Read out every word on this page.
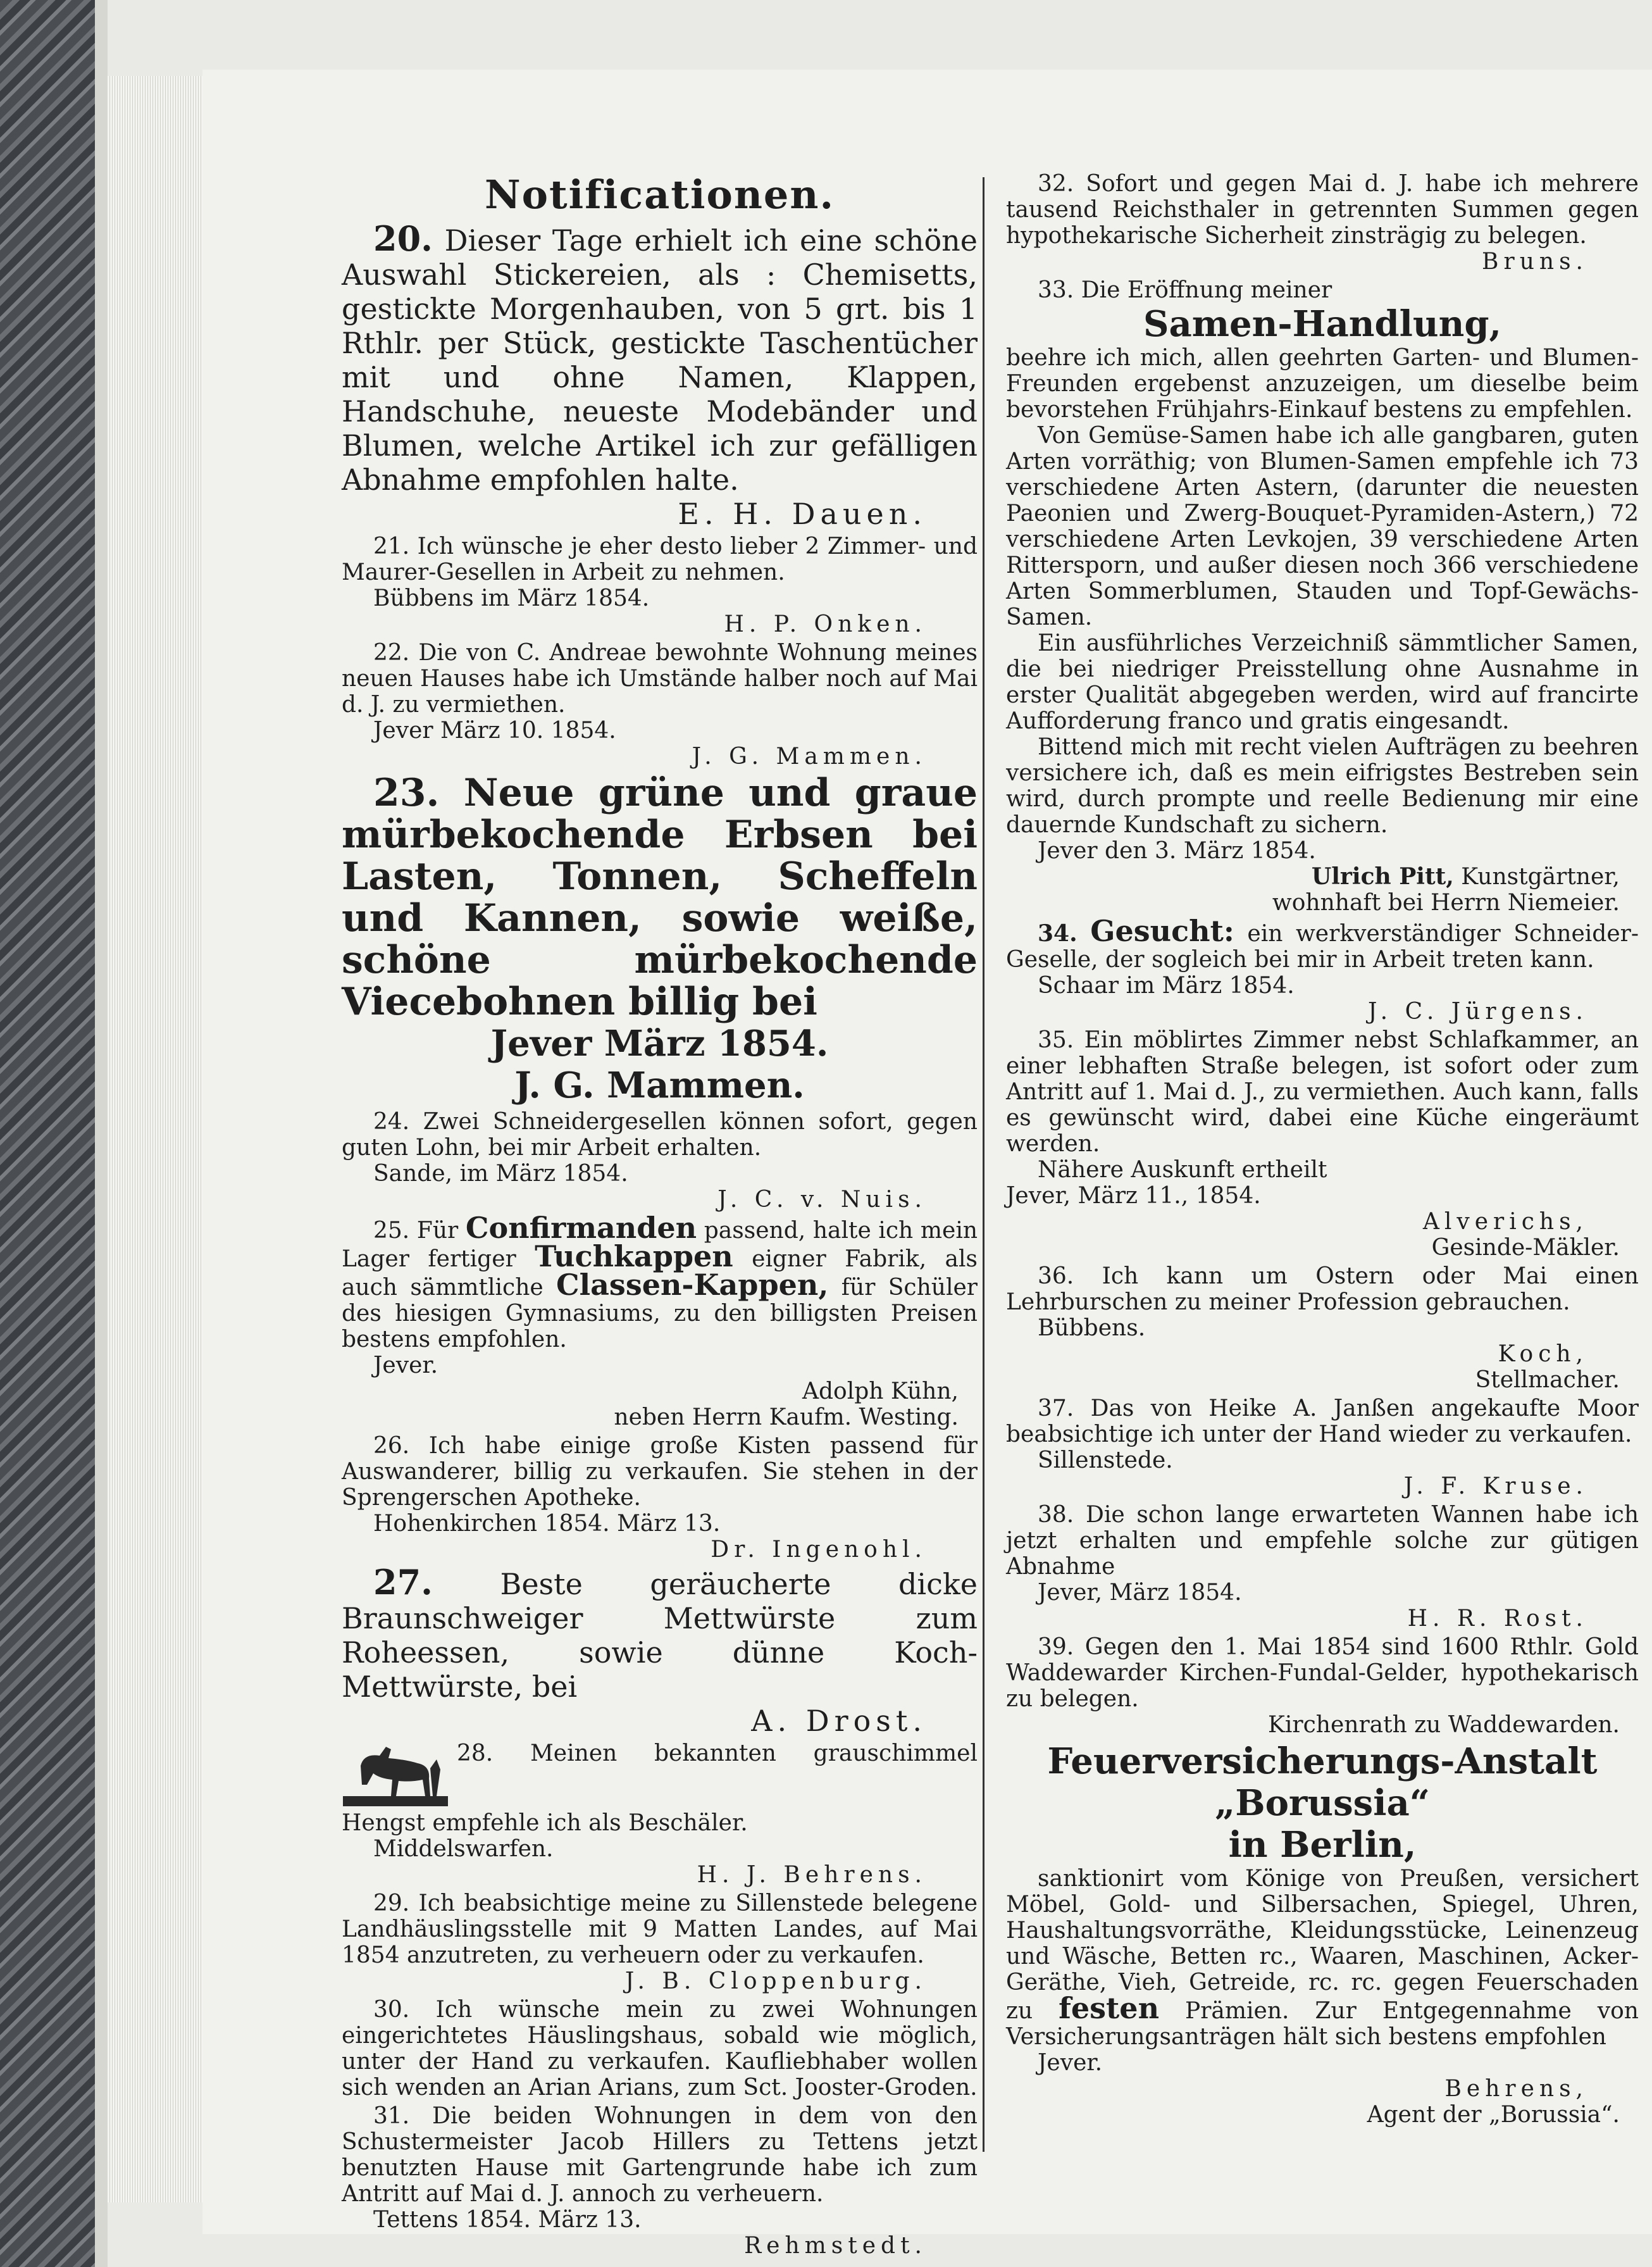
Notificationen.

20. Dieser Tage erhielt ich eine schöne Auswahl Stickereien, als : Chemisetts, gestickte Morgenhauben, von 5 grt. bis 1 Rthlr. per Stück, gestickte Taschentücher mit und ohne Namen, Klappen, Handschuhe, neueste Modebänder und Blumen, welche Artikel ich zur gefälligen Abnahme empfohlen halte.

E. H. Dauen.

21. Ich wünsche je eher desto lieber 2 Zimmer- und Maurer-Gesellen in Arbeit zu nehmen.

Bübbens im März 1854.

H. P. Onken.

22. Die von C. Andreae bewohnte Wohnung meines neuen Hauses habe ich Umstände halber noch auf Mai d. J. zu vermiethen.

Jever März 10. 1854.

J. G. Mammen.

23. Neue grüne und graue mürbekochende Erbsen bei Lasten, Tonnen, Scheffeln und Kannen, sowie weiße, schöne mürbekochende Viecebohnen billig bei

Jever März 1854.
J. G. Mammen.

24. Zwei Schneidergesellen können sofort, gegen guten Lohn, bei mir Arbeit erhalten.

Sande, im März 1854.

J. C. v. Nuis.

25. Für Confirmanden passend, halte ich mein Lager fertiger Tuchkappen eigner Fabrik, als auch sämmtliche Classen-Kappen, für Schüler des hiesigen Gymnasiums, zu den billigsten Preisen bestens empfohlen.

Jever.

Adolph Kühn,
neben Herrn Kaufm. Westing.

26. Ich habe einige große Kisten passend für Auswanderer, billig zu verkaufen. Sie stehen in der Sprengerschen Apotheke.

Hohenkirchen 1854. März 13.

Dr. Ingenohl.

27. Beste geräucherte dicke Braunschweiger Mettwürste zum Roheessen, sowie dünne Koch-Mettwürste, bei

A. Drost.

28. Meinen bekannten grauschimmel Hengst empfehle ich als Beschäler.

Middelswarfen.

H. J. Behrens.

29. Ich beabsichtige meine zu Sillenstede belegene Landhäuslingsstelle mit 9 Matten Landes, auf Mai 1854 anzutreten, zu verheuern oder zu verkaufen.

J. B. Cloppenburg.

30. Ich wünsche mein zu zwei Wohnungen eingerichtetes Häuslingshaus, sobald wie möglich, unter der Hand zu verkaufen. Kaufliebhaber wollen sich wenden an Arian Arians, zum Sct. Jooster-Groden.

31. Die beiden Wohnungen in dem von den Schustermeister Jacob Hillers zu Tettens jetzt benutzten Hause mit Gartengrunde habe ich zum Antritt auf Mai d. J. annoch zu verheuern.

Tettens 1854. März 13.

Rehmstedt.

32. Sofort und gegen Mai d. J. habe ich mehrere tausend Reichsthaler in getrennten Summen gegen hypothekarische Sicherheit zinsträgig zu belegen.

Bruns.

33. Die Eröffnung meiner

Samen-Handlung,

beehre ich mich, allen geehrten Garten- und Blumen-Freunden ergebenst anzuzeigen, um dieselbe beim bevorstehen Frühjahrs-Einkauf bestens zu empfehlen.

Von Gemüse-Samen habe ich alle gangbaren, guten Arten vorräthig; von Blumen-Samen empfehle ich 73 verschiedene Arten Astern, (darunter die neuesten Paeonien und Zwerg-Bouquet-Pyramiden-Astern,) 72 verschiedene Arten Levkojen, 39 verschiedene Arten Rittersporn, und außer diesen noch 366 verschiedene Arten Sommerblumen, Stauden und Topf-Gewächs-Samen.

Ein ausführliches Verzeichniß sämmtlicher Samen, die bei niedriger Preisstellung ohne Ausnahme in erster Qualität abgegeben werden, wird auf francirte Aufforderung franco und gratis eingesandt.

Bittend mich mit recht vielen Aufträgen zu beehren versichere ich, daß es mein eifrigstes Bestreben sein wird, durch prompte und reelle Bedienung mir eine dauernde Kundschaft zu sichern.

Jever den 3. März 1854.

Ulrich Pitt, Kunstgärtner,
wohnhaft bei Herrn Niemeier.

34. Gesucht: ein werkverständiger Schneider-Geselle, der sogleich bei mir in Arbeit treten kann.

Schaar im März 1854.

J. C. Jürgens.

35. Ein möblirtes Zimmer nebst Schlafkammer, an einer lebhaften Straße belegen, ist sofort oder zum Antritt auf 1. Mai d. J., zu vermiethen. Auch kann, falls es gewünscht wird, dabei eine Küche eingeräumt werden.

Nähere Auskunft ertheilt

Jever, März 11., 1854.

Alverichs,
Gesinde-Mäkler.

36. Ich kann um Ostern oder Mai einen Lehrburschen zu meiner Profession gebrauchen.

Bübbens.

Koch,
Stellmacher.

37. Das von Heike A. Janßen angekaufte Moor beabsichtige ich unter der Hand wieder zu verkaufen.

Sillenstede.

J. F. Kruse.

38. Die schon lange erwarteten Wannen habe ich jetzt erhalten und empfehle solche zur gütigen Abnahme

Jever, März 1854.

H. R. Rost.

39. Gegen den 1. Mai 1854 sind 1600 Rthlr. Gold Waddewarder Kirchen-Fundal-Gelder, hypothekarisch zu belegen.

Kirchenrath zu Waddewarden.
Feuerversicherungs-Anstalt „Borussia“
in Berlin,

sanktionirt vom Könige von Preußen, versichert Möbel, Gold- und Silbersachen, Spiegel, Uhren, Haushaltungsvorräthe, Kleidungsstücke, Leinenzeug und Wäsche, Betten rc., Waaren, Maschinen, Acker-Geräthe, Vieh, Getreide, rc. rc. gegen Feuerschaden zu festen Prämien. Zur Entgegennahme von Versicherungsanträgen hält sich bestens empfohlen

Jever.

Behrens,
Agent der „Borussia“.
